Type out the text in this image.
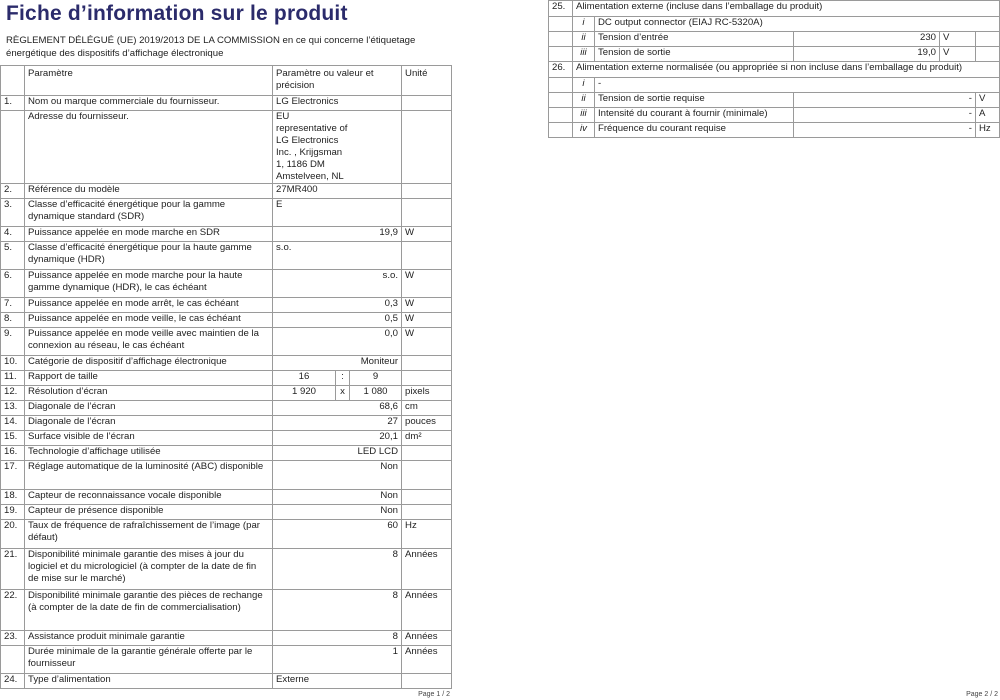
Fiche d’information sur le produit
RÈGLEMENT DÉLÉGUÉ (UE) 2019/2013 DE LA COMMISSION en ce qui concerne l’étiquetage énergétique des dispositifs d’affichage électronique
	Paramètre	Paramètre ou valeur et précision			Unité
1.	Nom ou marque commerciale du fournisseur.	LG Electronics			
	Adresse du fournisseur.	EU representative of LG Electronics Inc. , Krijgsman 1, 1186 DM Amstelveen, NL			
2.	Référence du modèle	27MR400			
3.	Classe d’efficacité énergétique pour la gamme dynamique standard (SDR)	E			
4.	Puissance appelée en mode marche en SDR	19,9			W
5.	Classe d’efficacité énergétique pour la haute gamme dynamique (HDR)	s.o.			
6.	Puissance appelée en mode marche pour la haute gamme dynamique (HDR), le cas échéant	s.o.			W
7.	Puissance appelée en mode arrêt, le cas échéant	0,3			W
8.	Puissance appelée en mode veille, le cas échéant	0,5			W
9.	Puissance appelée en mode veille avec maintien de la connexion au réseau, le cas échéant	0,0			W
10.	Catégorie de dispositif d’affichage électronique	Moniteur			
11.	Rapport de taille	16	:	9	
12.	Résolution d’écran	1 920	x	1 080	pixels
13.	Diagonale de l’écran	68,6			cm
14.	Diagonale de l’écran	27			pouces
15.	Surface visible de l’écran	20,1			dm²
16.	Technologie d’affichage utilisée	LED LCD			
17.	Réglage automatique de la luminosité (ABC) disponible	Non			
18.	Capteur de reconnaissance vocale disponible	Non			
19.	Capteur de présence disponible	Non			
20.	Taux de fréquence de rafraîchissement de l’image (par défaut)	60			Hz
21.	Disponibilité minimale garantie des mises à jour du logiciel et du micrologiciel (à compter de la date de fin de mise sur le marché)	8			Années
22.	Disponibilité minimale garantie des pièces de rechange (à compter de la date de fin de commercialisation)	8			Années
23.	Assistance produit minimale garantie	8			Années
	Durée minimale de la garantie générale offerte par le fournisseur	1			Années
24.	Type d’alimentation	Externe			
Page 1 / 2
25.	Alimentation externe (incluse dans l’emballage du produit)				
	i	DC output connector (EIAJ RC-5320A)			
	ii	Tension d’entrée	230	V	
	iii	Tension de sortie	19,0	V	
26.	Alimentation externe normalisée (ou appropriée si non incluse dans l’emballage du produit)				
	i	-			
	ii	Tension de sortie requise	-		V
	iii	Intensité du courant à fournir (minimale)	-		A
	iv	Fréquence du courant requise	-		Hz
Page 2 / 2
